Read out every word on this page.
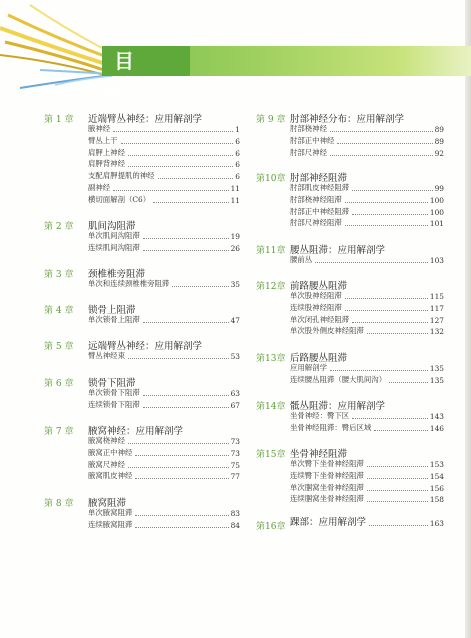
目 录
第 1 章 近端臂丛神经：应用解剖学
腋神经	1
臂丛上干	6
肩胛上神经	6
肩胛背神经	6
支配肩胛提肌的神经	6
副神经	11
横切面解剖（C6）	11
第 2 章 肌间沟阻滞
单次肌间沟阻滞	19
连续肌间沟阻滞	26
第 3 章 颈椎椎旁阻滞
单次和连续颈椎椎旁阻滞	35
第 4 章 锁骨上阻滞
单次锁骨上阻滞	47
第 5 章 远端臂丛神经：应用解剖学
臂丛神经束	53
第 6 章 锁骨下阻滞
单次锁骨下阻滞	63
连续锁骨下阻滞	67
第 7 章 腋窝神经：应用解剖学
腋窝桡神经	73
腋窝正中神经	73
腋窝尺神经	75
腋窝肌皮神经	77
第 8 章 腋窝阻滞
单次腋窝阻滞	83
连续腋窝阻滞	84
第 9 章 肘部神经分布：应用解剖学
肘部桡神经	89
肘部正中神经	89
肘部尺神经	92
第10章 肘部神经阻滞
肘部肌皮神经阻滞	99
肘部桡神经阻滞	100
肘部正中神经阻滞	100
肘部尺神经阻滞	101
第11章 腰丛阻滞：应用解剖学
腰前丛	103
第12章 前路腰丛阻滞
单次股神经阻滞	115
连续股神经阻滞	117
单次闭孔神经阻滞	127
单次股外侧皮神经阻滞	132
第13章 后路腰丛阻滞
应用解剖学	135
连续腰丛阻滞（腰大肌间沟）	135
第14章 骶丛阻滞：应用解剖学
坐骨神经：臀下区	143
坐骨神经阻滞：臀后区域	146
第15章 坐骨神经阻滞
单次臀下坐骨神经阻滞	153
连续臀下坐骨神经阻滞	154
单次腘窝坐骨神经阻滞	156
连续腘窝坐骨神经阻滞	158
第16章 踝部：应用解剖学	163
